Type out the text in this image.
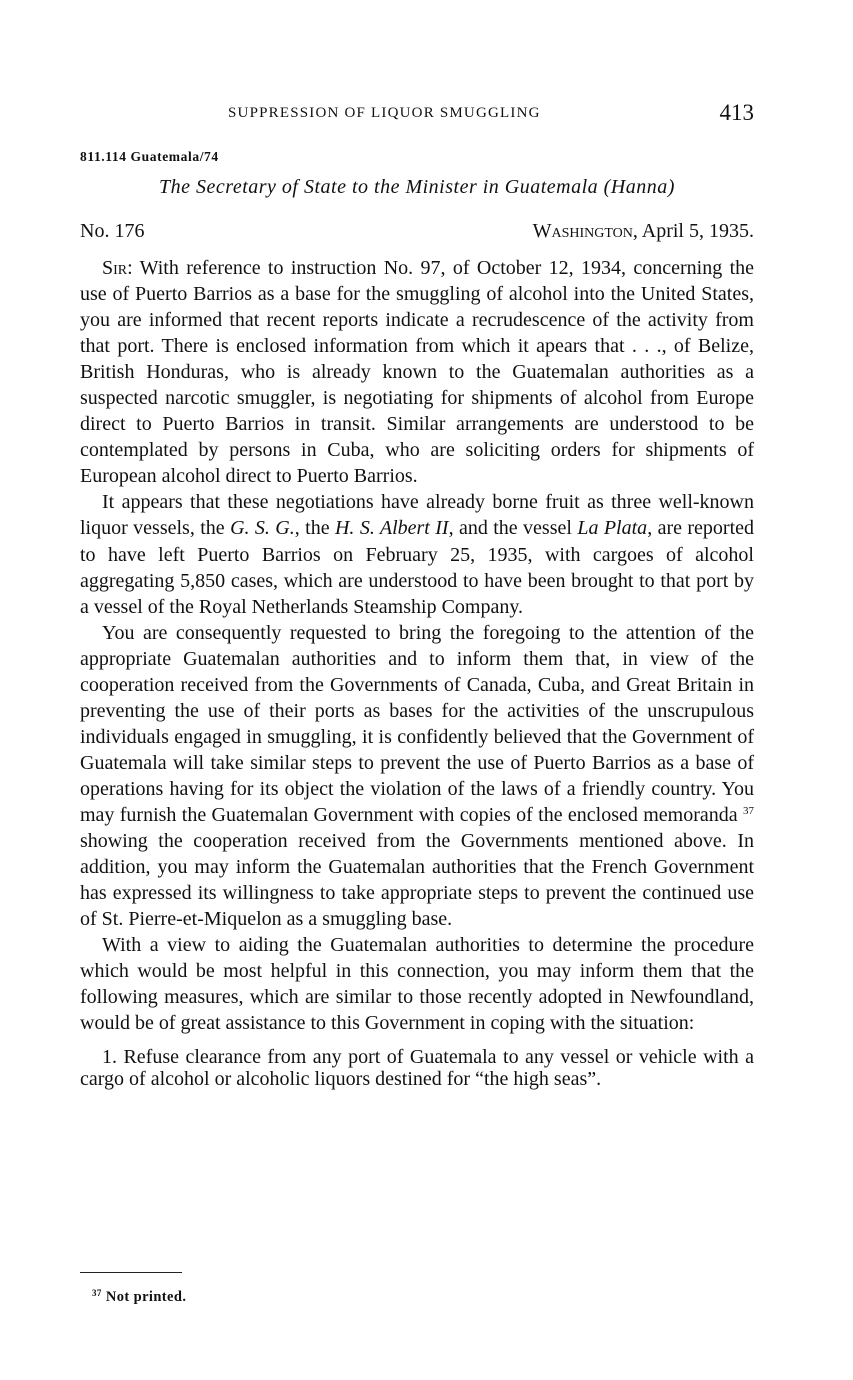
SUPPRESSION OF LIQUOR SMUGGLING	413
811.114 Guatemala/74
The Secretary of State to the Minister in Guatemala (Hanna)
No. 176	Washington, April 5, 1935.

Sir: With reference to instruction No. 97, of October 12, 1934, concerning the use of Puerto Barrios as a base for the smuggling of alcohol into the United States, you are informed that recent reports indicate a recrudescence of the activity from that port. There is enclosed information from which it apears that . . ., of Belize, British Honduras, who is already known to the Guatemalan authorities as a suspected narcotic smuggler, is negotiating for shipments of alcohol from Europe direct to Puerto Barrios in transit. Similar arrangements are understood to be contemplated by persons in Cuba, who are soliciting orders for shipments of European alcohol direct to Puerto Barrios.

It appears that these negotiations have already borne fruit as three well-known liquor vessels, the G. S. G., the H. S. Albert II, and the vessel La Plata, are reported to have left Puerto Barrios on February 25, 1935, with cargoes of alcohol aggregating 5,850 cases, which are understood to have been brought to that port by a vessel of the Royal Netherlands Steamship Company.

You are consequently requested to bring the foregoing to the attention of the appropriate Guatemalan authorities and to inform them that, in view of the cooperation received from the Governments of Canada, Cuba, and Great Britain in preventing the use of their ports as bases for the activities of the unscrupulous individuals engaged in smuggling, it is confidently believed that the Government of Guatemala will take similar steps to prevent the use of Puerto Barrios as a base of operations having for its object the violation of the laws of a friendly country. You may furnish the Guatemalan Government with copies of the enclosed memoranda $^{37}$ showing the cooperation received from the Governments mentioned above. In addition, you may inform the Guatemalan authorities that the French Government has expressed its willingness to take appropriate steps to prevent the continued use of St. Pierre-et-Miquelon as a smuggling base.

With a view to aiding the Guatemalan authorities to determine the procedure which would be most helpful in this connection, you may inform them that the following measures, which are similar to those recently adopted in Newfoundland, would be of great assistance to this Government in coping with the situation:

1. Refuse clearance from any port of Guatemala to any vessel or vehicle with a cargo of alcohol or alcoholic liquors destined for “the high seas”.

$^{37}$ Not printed.
